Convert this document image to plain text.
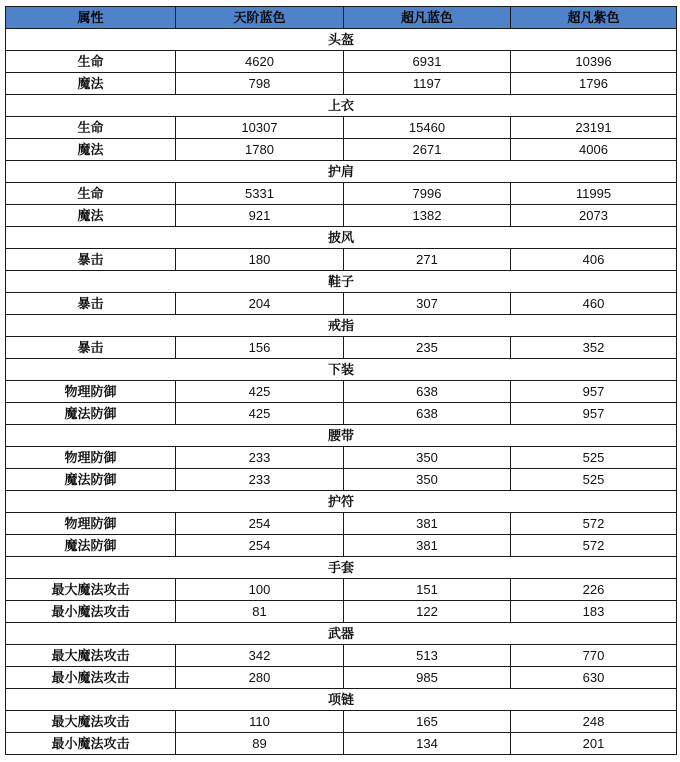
属性	天阶蓝色	超凡蓝色	超凡紫色
头盔			
生命	4620	6931	10396
魔法	798	1197	1796
上衣			
生命	10307	15460	23191
魔法	1780	2671	4006
护肩			
生命	5331	7996	11995
魔法	921	1382	2073
披风			
暴击	180	271	406
鞋子			
暴击	204	307	460
戒指			
暴击	156	235	352
下装			
物理防御	425	638	957
魔法防御	425	638	957
腰带			
物理防御	233	350	525
魔法防御	233	350	525
护符			
物理防御	254	381	572
魔法防御	254	381	572
手套			
最大魔法攻击	100	151	226
最小魔法攻击	81	122	183
武器			
最大魔法攻击	342	513	770
最小魔法攻击	280	985	630
项链			
最大魔法攻击	110	165	248
最小魔法攻击	89	134	201
